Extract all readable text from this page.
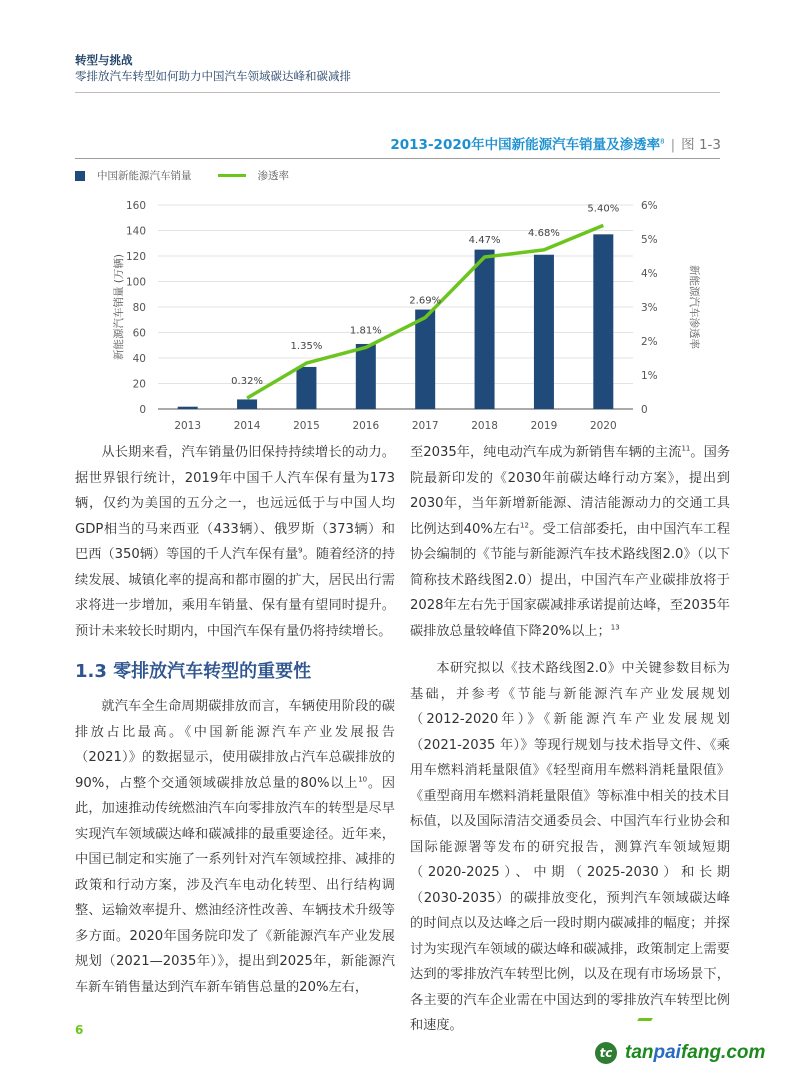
转型与挑战
零排放汽车转型如何助力中国汽车领域碳达峰和碳减排
2013-2020年中国新能源汽车销量及渗透率$^8$ | 图 1-3
中国新能源汽车销量	渗透率
0
20
40
60
80
100
120
140
160
0
1%
2%
3%
4%
5%
6%
2013	2014	2015	2016	2017	2018	2019	2020
0.32%
1.35%
1.81%
2.69%
4.47%
4.68%
5.40%
新能源汽车销量 (万辆)	新能源汽车渗透率

从长期来看，汽车销量仍旧保持持续增长的动力。据世界银行统计，2019年中国千人汽车保有量为173辆，仅约为美国的五分之一，也远远低于与中国人均GDP相当的马来西亚（433辆）、俄罗斯（373辆）和巴西（350辆）等国的千人汽车保有量$^9$。随着经济的持续发展、城镇化率的提高和都市圈的扩大，居民出行需求将进一步增加，乘用车销量、保有量有望同时提升。预计未来较长时期内，中国汽车保有量仍将持续增长。

1.3 零排放汽车转型的重要性

就汽车全生命周期碳排放而言，车辆使用阶段的碳排放占比最高。《中国新能源汽车产业发展报告（2021）》的数据显示，使用碳排放占汽车总碳排放的90%，占整个交通领域碳排放总量的80%以上$^{10}$。因此，加速推动传统燃油汽车向零排放汽车的转型是尽早实现汽车领域碳达峰和碳减排的最重要途径。近年来，中国已制定和实施了一系列针对汽车领域控排、减排的政策和行动方案，涉及汽车电动化转型、出行结构调整、运输效率提升、燃油经济性改善、车辆技术升级等多方面。2020年国务院印发了《新能源汽车产业发展规划（2021—2035年）》，提出到2025年，新能源汽车新车销售量达到汽车新车销售总量的20%左右，

至2035年，纯电动汽车成为新销售车辆的主流$^{11}$。国务院最新印发的《2030年前碳达峰行动方案》，提出到2030年，当年新增新能源、清洁能源动力的交通工具比例达到40%左右$^{12}$。受工信部委托，由中国汽车工程协会编制的《节能与新能源汽车技术路线图2.0》（以下简称技术路线图2.0）提出，中国汽车产业碳排放将于2028年左右先于国家碳减排承诺提前达峰，至2035年碳排放总量较峰值下降20%以上；$^{13}$

本研究拟以《技术路线图2.0》中关键参数目标为基础，并参考《节能与新能源汽车产业发展规划（2012-2020年）》《新能源汽车产业发展规划（2021-2035 年）》等现行规划与技术指导文件、《乘用车燃料消耗量限值》《轻型商用车燃料消耗量限值》《重型商用车燃料消耗量限值》等标准中相关的技术目标值，以及国际清洁交通委员会、中国汽车行业协会和国际能源署等发布的研究报告，测算汽车领域短期（2020-2025）、中期（2025-2030）和长期（2030-2035）的碳排放变化，预判汽车领域碳达峰的时间点以及达峰之后一段时期内碳减排的幅度；并探讨为实现汽车领域的碳达峰和碳减排，政策制定上需要达到的零排放汽车转型比例，以及在现有市场场景下，各主要的汽车企业需在中国达到的零排放汽车转型比例和速度。

6
tc tanpaifang.com
